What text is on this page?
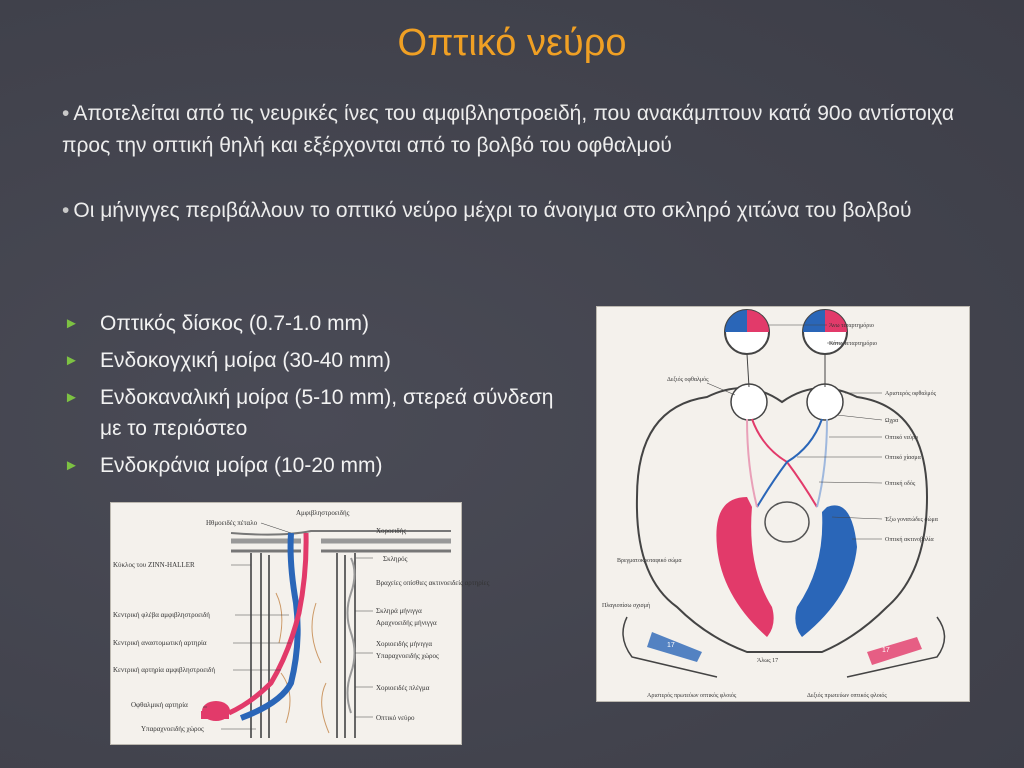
Οπτικό νεύρο
• Αποτελείται από τις νευρικές ίνες του αμφιβληστροειδή, που ανακάμπτουν κατά 90ο αντίστοιχα προς την οπτική θηλή και εξέρχονται από το βολβό του οφθαλμού
• Οι μήνιγγες περιβάλλουν το οπτικό νεύρο μέχρι το άνοιγμα στο σκληρό χιτώνα του βολβού
► Οπτικός δίσκος (0.7-1.0 mm)
► Ενδοκογχική μοίρα (30-40 mm)
► Ενδοκαναλική μοίρα (5-10 mm), στερεά σύνδεση με το περιόστεο
► Ενδοκράνια μοίρα (10-20 mm)
Ηθμοειδές πέταλο
Κύκλος του ZINN-HALLER
Κεντρική φλέβα αμφιβληστροειδή
Κεντρική αναστομωτική αρτηρία
Κεντρική αρτηρία αμφιβληστροειδή
Οφθαλμική αρτηρία
Υπαραχνοειδής χώρος
Αμφιβληστροειδής
Χοροειδής
Σκληρός
Βραχείες οπίσθιες ακτινοειδείς αρτηρίες
Σκληρά μήνιγγα
Αραχνοειδής μήνιγγα
Χοριοειδής μήνιγγα
Υπαραχνοειδής χώρος
Χοριοειδές πλέγμα
Οπτικό νεύρο
17
17
Άνω τεταρτημόριο
Κάτω τεταρτημόριο
Δεξιός οφθαλμός
Αριστερός οφθαλμός
Ωχρα
Οπτικό νεύρο
Οπτικό χίασμα
Οπτική οδός
Έξω γονατώδες σώμα
Οπτική ακτινοβολία
Βρεγματοκροταφικό σώμα
Πλαγιοπίσω σχισμή
Άλως 17
Αριστερός πρωτεύων οπτικός φλοιός	Δεξιός πρωτεύων οπτικός φλοιός
